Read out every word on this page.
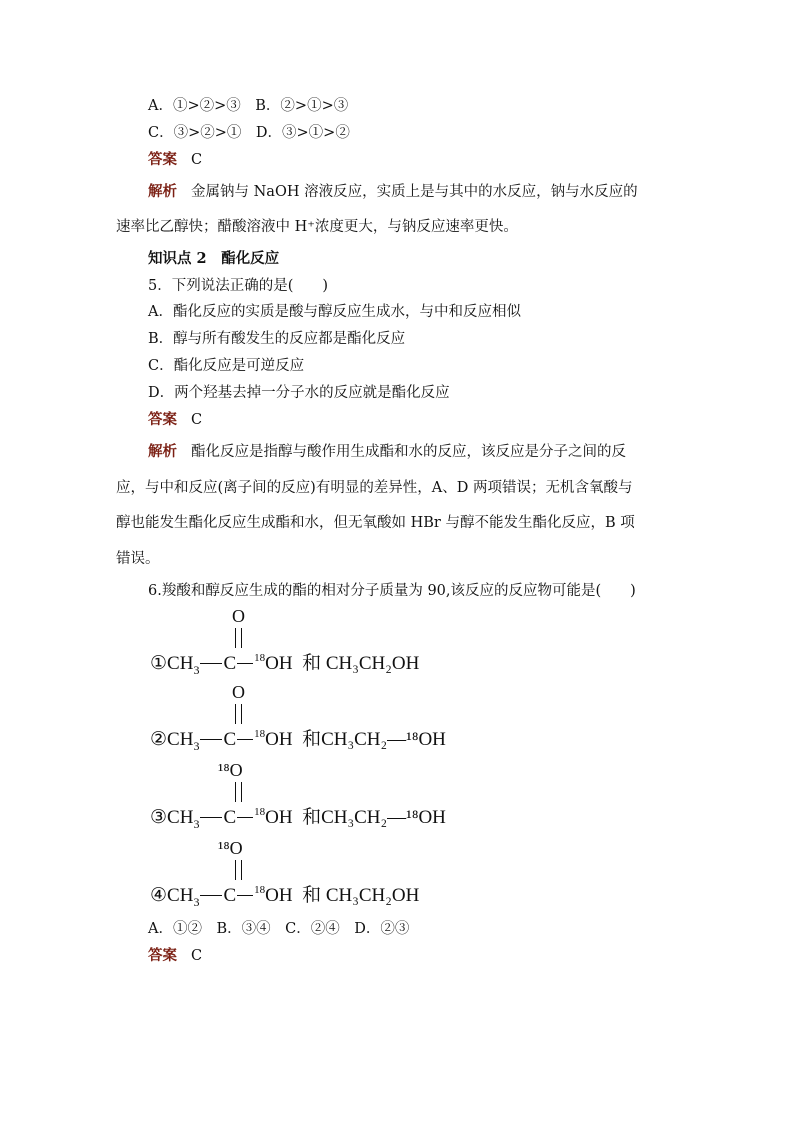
A．①>②>③　B．②>①>③
C．③>②>①　D．③>①>②
答案 C
解析 金属钠与 NaOH 溶液反应，实质上是与其中的水反应，钠与水反应的
速率比乙醇快；醋酸溶液中 H⁺浓度更大，与钠反应速率更快。
知识点 2　酯化反应
5．下列说法正确的是(　　)
A．酯化反应的实质是酸与醇反应生成水，与中和反应相似
B．醇与所有酸发生的反应都是酯化反应
C．酯化反应是可逆反应
D．两个羟基去掉一分子水的反应就是酯化反应
答案 C
解析 酯化反应是指醇与酸作用生成酯和水的反应，该反应是分子之间的反
应，与中和反应(离子间的反应)有明显的差异性，A、D 两项错误；无机含氧酸与
醇也能发生酯化反应生成酯和水，但无氧酸如 HBr 与醇不能发生酯化反应，B 项
错误。
6.羧酸和醇反应生成的酯的相对分子质量为 90,该反应的反应物可能是(　　)
O
$①CH_3$ C $^{18}$OH  和 CH₃CH₂OH
O
$②CH_3$ C $^{18}$OH  和CH₃CH₂—¹⁸OH
¹⁸O
$③CH_3$ C $^{18}$OH  和CH₃CH₂—¹⁸OH
¹⁸O
$④CH_3$ C $^{18}$OH  和 CH₃CH₂OH
A．①②　B．③④　C．②④　D．②③
答案 C
